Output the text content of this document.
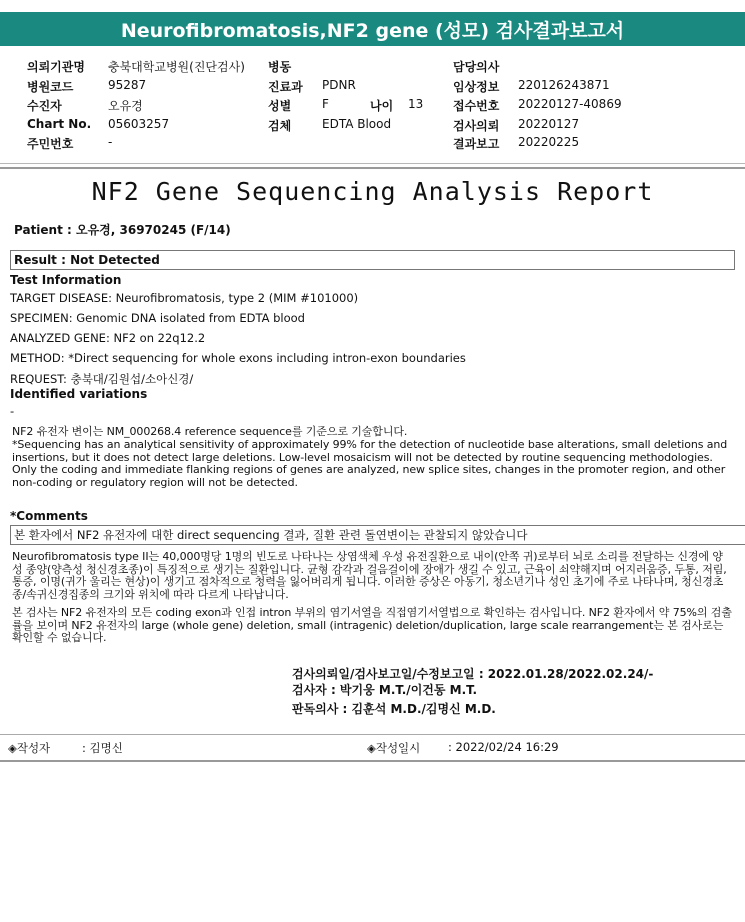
Neurofibromatosis,NF2 gene (성모) 검사결과보고서
의뢰기관명 충북대학교병원(진단검사) 병동	담당의사
병원코드	95287	진료과 PDNR	임상정보 220126243871
수진자	오유경	성별	F	나이 13 접수번호 20220127-40869
Chart No. 05603257	검체	EDTA Blood	검사의뢰 20220127
주민번호	-	결과보고 20220225
NF2 Gene Sequencing Analysis Report
Patient : 오유경, 36970245 (F/14)
Result : Not Detected
Test Information
TARGET DISEASE: Neurofibromatosis, type 2 (MIM #101000)
SPECIMEN: Genomic DNA isolated from EDTA blood
ANALYZED GENE: NF2 on 22q12.2
METHOD: *Direct sequencing for whole exons including intron-exon boundaries
REQUEST: 충북대/김원섭/소아신경/
Identified variations
-
NF2 유전자 변이는 NM_000268.4 reference sequence를 기준으로 기술합니다.
*Sequencing has an analytical sensitivity of approximately 99% for the detection of nucleotide base alterations, small deletions and insertions, but it does not detect large deletions. Low-level mosaicism will not be detected by routine sequencing methodologies. Only the coding and immediate flanking regions of genes are analyzed, new splice sites, changes in the promoter region, and other non-coding or regulatory region will not be detected.
*Comments
본 환자에서 NF2 유전자에 대한 direct sequencing 결과, 질환 관련 돌연변이는 관찰되지 않았습니다
Neurofibromatosis type II는 40,000명당 1명의 빈도로 나타나는 상염색체 우성 유전질환으로 내이(안쪽 귀)로부터 뇌로 소리를 전달하는 신경에 양성 종양(양측성 청신경초종)이 특징적으로 생기는 질환입니다. 균형 감각과 걸음걸이에 장애가 생길 수 있고, 근육이 쇠약해지며 어지러움증, 두통, 저림, 통증, 이명(귀가 울리는 현상)이 생기고 점차적으로 청력을 잃어버리게 됩니다. 이러한 증상은 아동기, 청소년기나 성인 초기에 주로 나타나며, 청신경초종/속귀신경집종의 크기와 위치에 따라 다르게 나타납니다.
본 검사는 NF2 유전자의 모든 coding exon과 인접 intron 부위의 염기서열을 직접염기서열법으로 확인하는 검사입니다. NF2 환자에서 약 75%의 검출률을 보이며 NF2 유전자의 large (whole gene) deletion, small (intragenic) deletion/duplication, large scale rearrangement는 본 검사로는 확인할 수 없습니다.
검사의뢰일/검사보고일/수정보고일 : 2022.01.28/2022.02.24/-
검사자 : 박기웅 M.T./이건동 M.T.
판독의사 : 김훈석 M.D./김명신 M.D.
◈작성자	: 김명신	◈작성일시 : 2022/02/24 16:29
